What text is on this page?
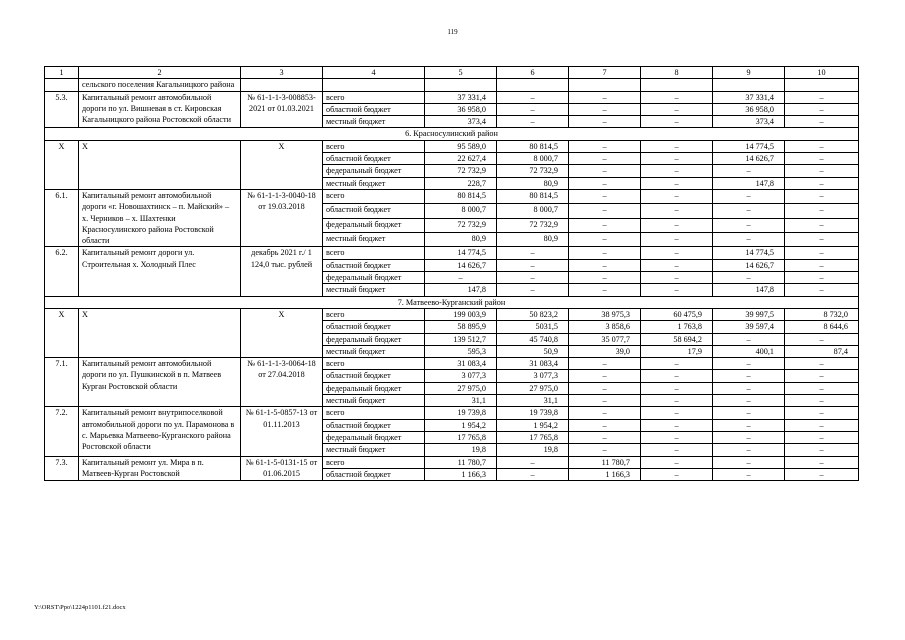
119
1	2	3	4	5	6	7	8	9	10
	сельского поселения Кагальницкого района								
5.3.	Капитальный ремонт автомобильной дороги по ул. Вишневая в ст. Кировская Кагальницкого района Ростовской области	№ 61-1-1-3-008853-2021 от 01.03.2021	всего	37 331,4	–	–	–	37 331,4	–
			областной бюджет	36 958,0	–	–	–	36 958,0	–
			местный бюджет	373,4	–	–	–	373,4	–
6. Красносулинский район									
Х	Х	Х	всего	95 589,0	80 814,5	–	–	14 774,5	–
			областной бюджет	22 627,4	8 000,7	–	–	14 626,7	–
			федеральный бюджет	72 732,9	72 732,9	–	–	–	–
			местный бюджет	228,7	80,9	–	–	147,8	–
6.1.	Капитальный ремонт автомобильной дороги «г. Новошахтинск – п. Майский» – х. Черников – х. Шахтенки Красносулинского района Ростовской области	№ 61-1-1-3-0040-18 от 19.03.2018	всего	80 814,5	80 814,5	–	–	–	–
			областной бюджет	8 000,7	8 000,7	–	–	–	–
			федеральный бюджет	72 732,9	72 732,9	–	–	–	–
			местный бюджет	80,9	80,9	–	–	–	–
6.2.	Капитальный ремонт дороги ул. Строительная х. Холодный Плес	декабрь 2021 г./ 1 124,0 тыс. рублей	всего	14 774,5	–	–	–	14 774,5	–
			областной бюджет	14 626,7	–	–	–	14 626,7	–
			федеральный бюджет	–	–	–	–	–	–
			местный бюджет	147,8	–	–	–	147,8	–
7. Матвеево-Курганский район									
Х	Х	Х	всего	199 003,9	50 823,2	38 975,3	60 475,9	39 997,5	8 732,0
			областной бюджет	58 895,9	5031,5	3 858,6	1 763,8	39 597,4	8 644,6
			федеральный бюджет	139 512,7	45 740,8	35 077,7	58 694,2	–	–
			местный бюджет	595,3	50,9	39,0	17,9	400,1	87,4
7.1.	Капитальный ремонт автомобильной дороги по ул. Пушкинской в п. Матвеев Курган Ростовской области	№ 61-1-1-3-0064-18 от 27.04.2018	всего	31 083,4	31 083,4	–	–	–	–
			областной бюджет	3 077,3	3 077,3	–	–	–	–
			федеральный бюджет	27 975,0	27 975,0	–	–	–	–
			местный бюджет	31,1	31,1	–	–	–	–
7.2.	Капитальный ремонт внутрипоселковой автомобильной дороги по ул. Парамонова в с. Марьевка Матвеево-Курганского района Ростовской области	№ 61-1-5-0857-13 от 01.11.2013	всего	19 739,8	19 739,8	–	–	–	–
			областной бюджет	1 954,2	1 954,2	–	–	–	–
			федеральный бюджет	17 765,8	17 765,8	–	–	–	–
			местный бюджет	19,8	19,8	–	–	–	–
7.3.	Капитальный ремонт ул. Мира в п. Матвеев-Курган Ростовской	№ 61-1-5-0131-15 от 01.06.2015	всего	11 780,7	–	11 780,7	–	–	–
			областной бюджет	1 166,3	–	1 166,3	–	–	–
Y:\ORST\Ppo\1224p1101.f21.docx
